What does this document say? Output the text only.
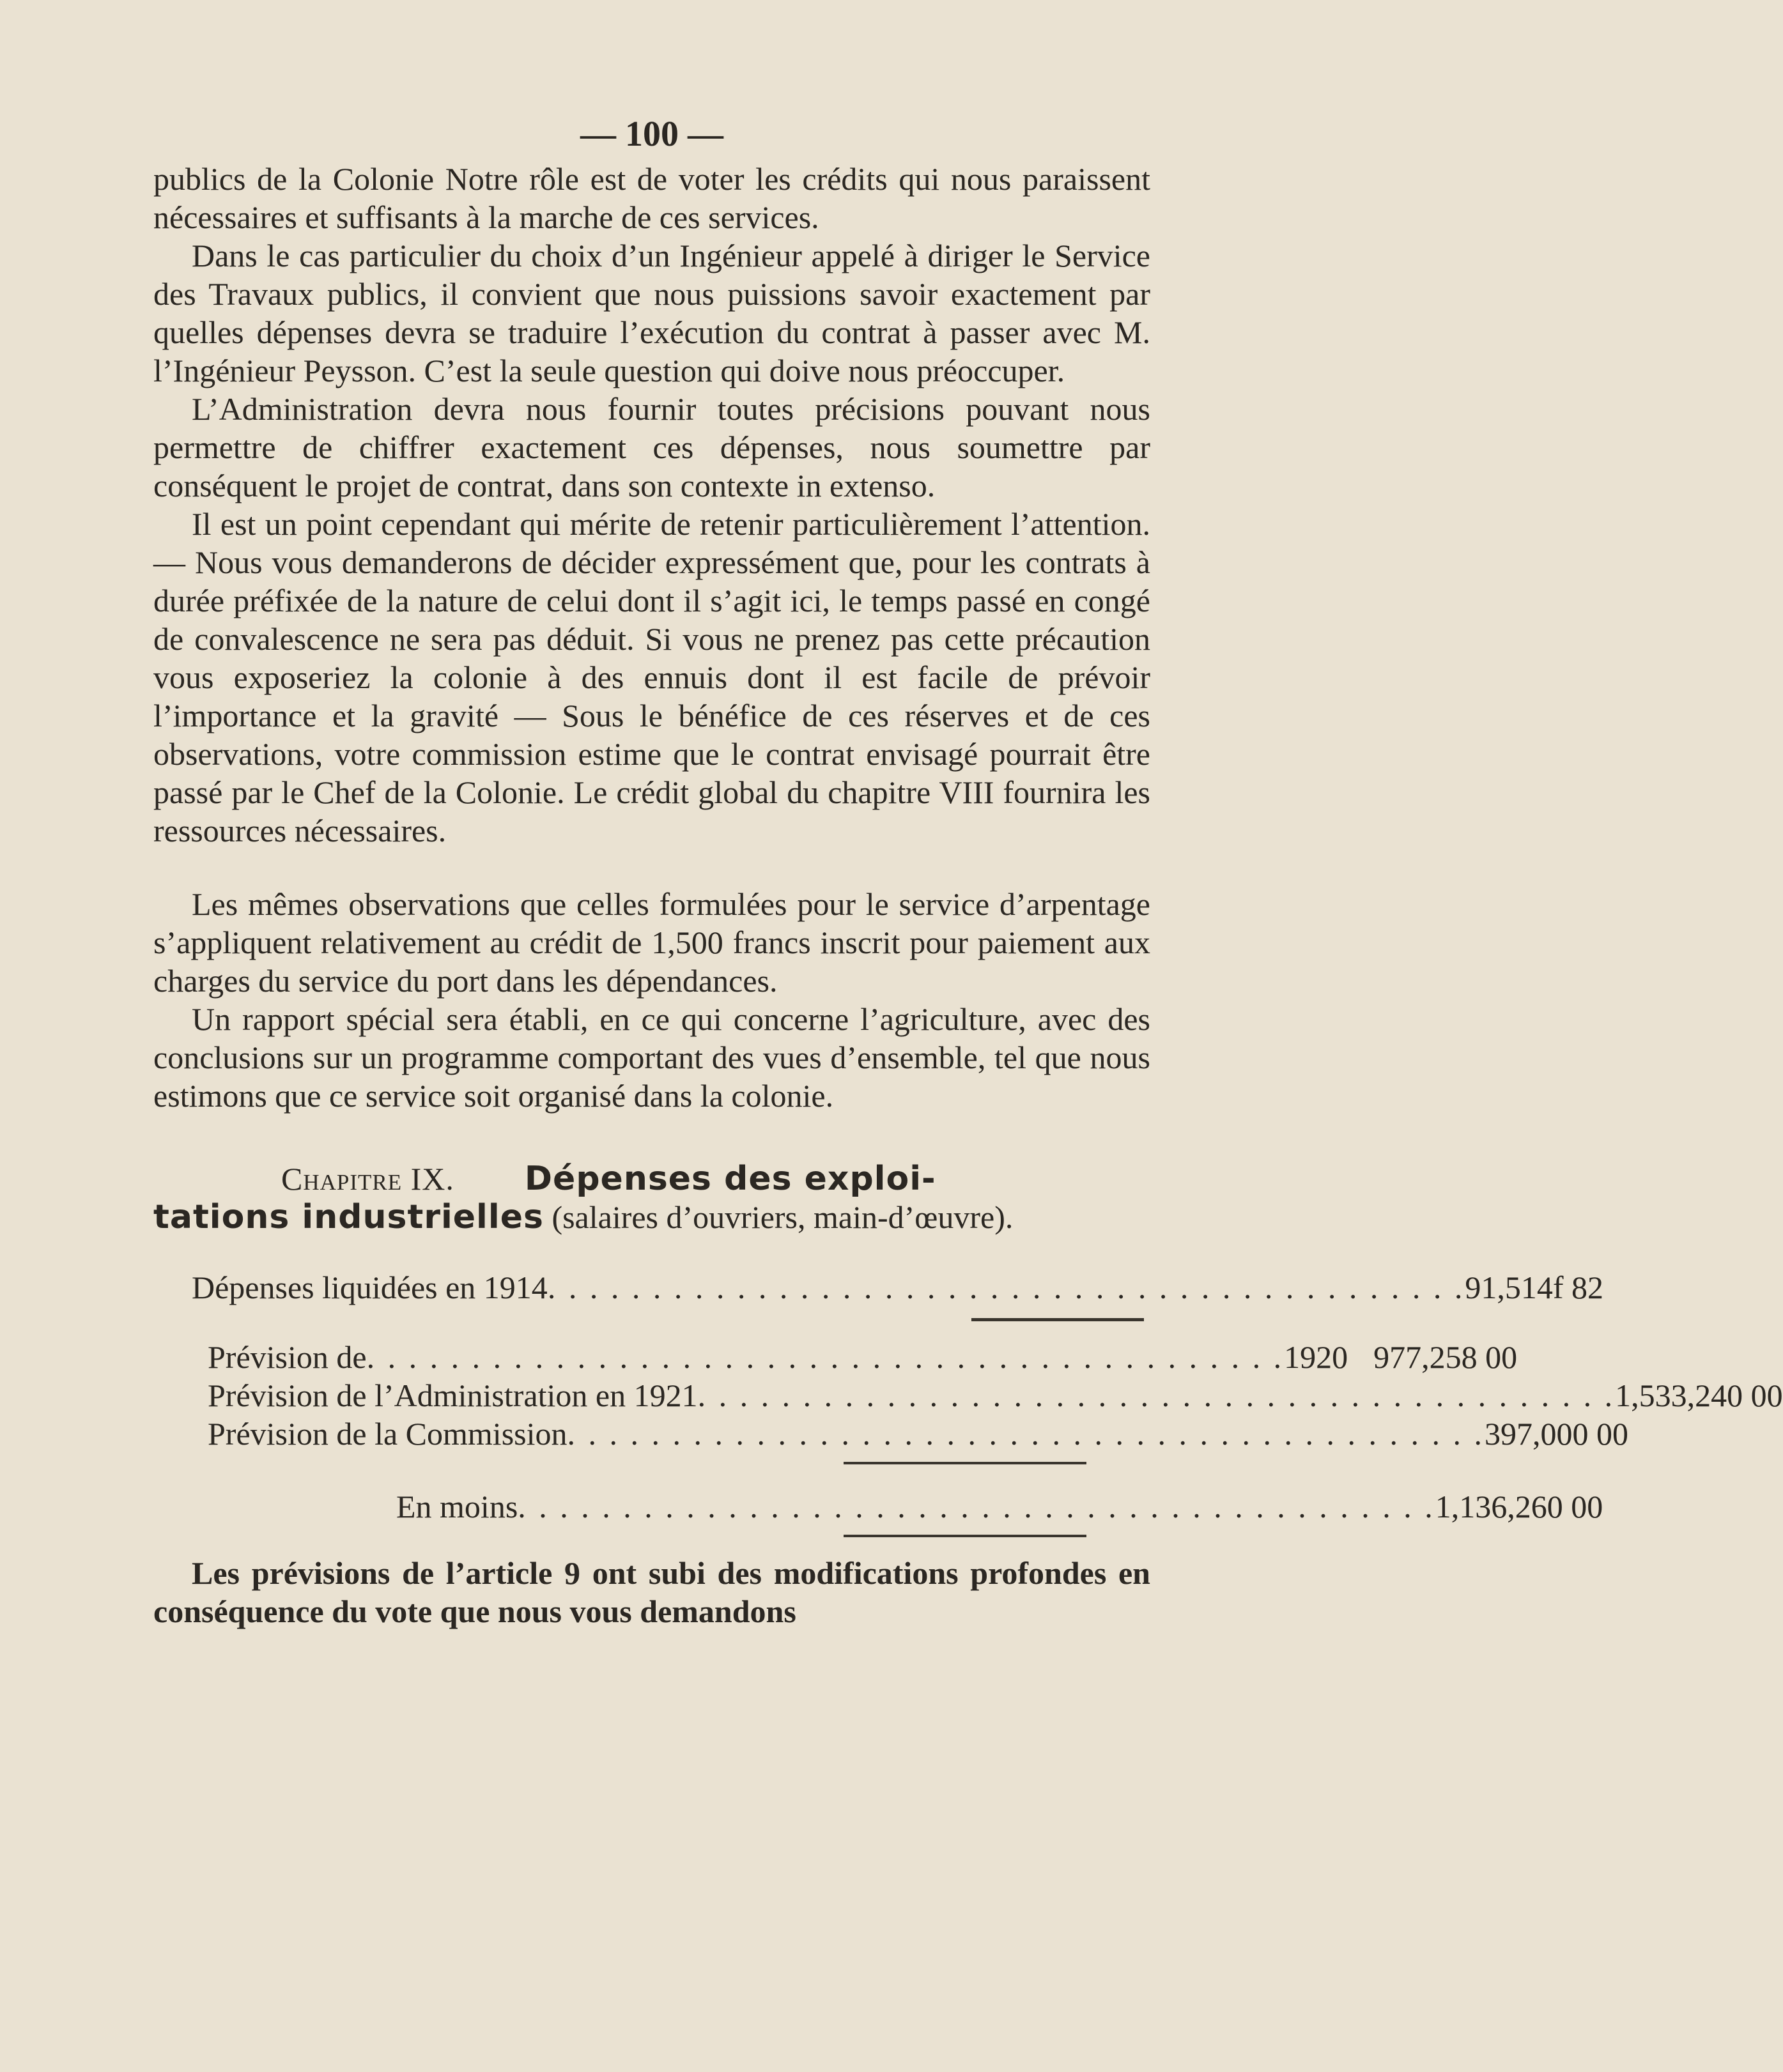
— 100 —

publics de la Colonie Notre rôle est de voter les crédits qui nous paraissent nécessaires et suffisants à la marche de ces services.

Dans le cas particulier du choix d’un Ingénieur appelé à diriger le Service des Travaux publics, il convient que nous puissions savoir exactement par quelles dépenses devra se traduire l’exécution du contrat à passer avec M. l’Ingénieur Peysson. C’est la seule question qui doive nous préoccuper.

L’Administration devra nous fournir toutes précisions pouvant nous permettre de chiffrer exactement ces dépenses, nous soumettre par conséquent le projet de contrat, dans son contexte in extenso.

Il est un point cependant qui mérite de retenir particulièrement l’attention. — Nous vous demanderons de décider expressément que, pour les contrats à durée préfixée de la nature de celui dont il s’agit ici, le temps passé en congé de convalescence ne sera pas déduit. Si vous ne prenez pas cette précaution vous exposeriez la colonie à des ennuis dont il est facile de prévoir l’importance et la gravité — Sous le bénéfice de ces réserves et de ces observations, votre commission estime que le contrat envisagé pourrait être passé par le Chef de la Colonie. Le crédit global du chapitre VIII fournira les ressources nécessaires.

Les mêmes observations que celles formulées pour le service d’arpentage s’appliquent relativement au crédit de 1,500 francs inscrit pour paiement aux charges du service du port dans les dépendances.

Un rapport spécial sera établi, en ce qui concerne l’agriculture, avec des conclusions sur un programme comportant des vues d’ensemble, tel que nous estimons que ce service soit organisé dans la colonie.

Chapitre IX. Dépenses des exploi-
tations industrielles (salaires d’ouvriers, main-d’œuvre).
Dépenses liquidées en 1914 . . .	91,514f 82
Prévision de . . .	1920 977,258 00
Prévision de l’Administration en 1921 . . .	1,533,240 00
Prévision de la Commission . . .	397,000 00
En moins . . .	1,136,260 00

Les prévisions de l’article 9 ont subi des modifications profondes en conséquence du vote que nous vous demandons
